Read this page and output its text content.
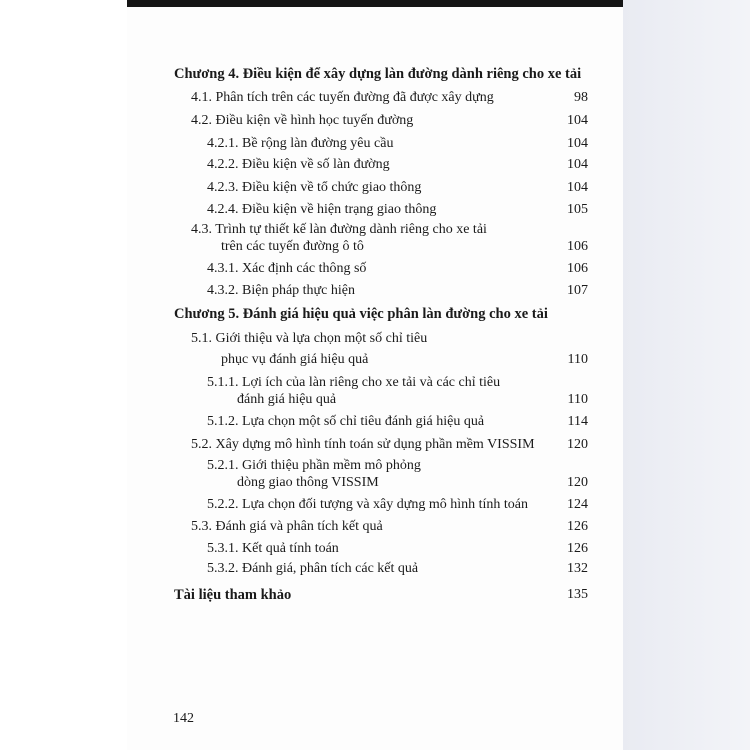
Chương 4. Điều kiện để xây dựng làn đường dành riêng cho xe tải
4.1. Phân tích trên các tuyến đường đã được xây dựng	98
4.2. Điều kiện về hình học tuyến đường	104
4.2.1. Bề rộng làn đường yêu cầu	104
4.2.2. Điều kiện về số làn đường	104
4.2.3. Điều kiện về tổ chức giao thông	104
4.2.4. Điều kiện về hiện trạng giao thông	105
4.3. Trình tự thiết kế làn đường dành riêng cho xe tải
trên các tuyến đường ô tô	106
4.3.1. Xác định các thông số	106
4.3.2. Biện pháp thực hiện	107
Chương 5. Đánh giá hiệu quả việc phân làn đường cho xe tải
5.1. Giới thiệu và lựa chọn một số chỉ tiêu
phục vụ đánh giá hiệu quả	110
5.1.1. Lợi ích của làn riêng cho xe tải và các chỉ tiêu
đánh giá hiệu quả	110
5.1.2. Lựa chọn một số chỉ tiêu đánh giá hiệu quả	114
5.2. Xây dựng mô hình tính toán sử dụng phần mềm VISSIM	120
5.2.1. Giới thiệu phần mềm mô phỏng
dòng giao thông VISSIM	120
5.2.2. Lựa chọn đối tượng và xây dựng mô hình tính toán	124
5.3. Đánh giá và phân tích kết quả	126
5.3.1. Kết quả tính toán	126
5.3.2. Đánh giá, phân tích các kết quả	132
Tài liệu tham khảo	135
142
